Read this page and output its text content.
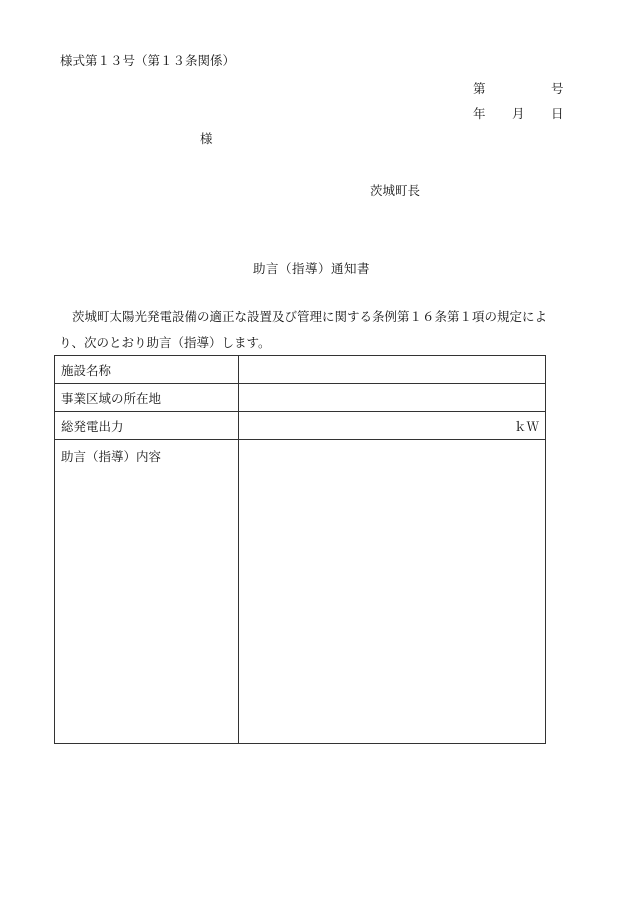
様式第１３号（第１３条関係）
第	号
年 月 日
様
茨城町長
助言（指導）通知書
茨城町太陽光発電設備の適正な設置及び管理に関する条例第１６条第１項の規定により、次のとおり助言（指導）します。
施設名称	
事業区域の所在地	
総発電出力	ｋＷ
助言（指導）内容	
